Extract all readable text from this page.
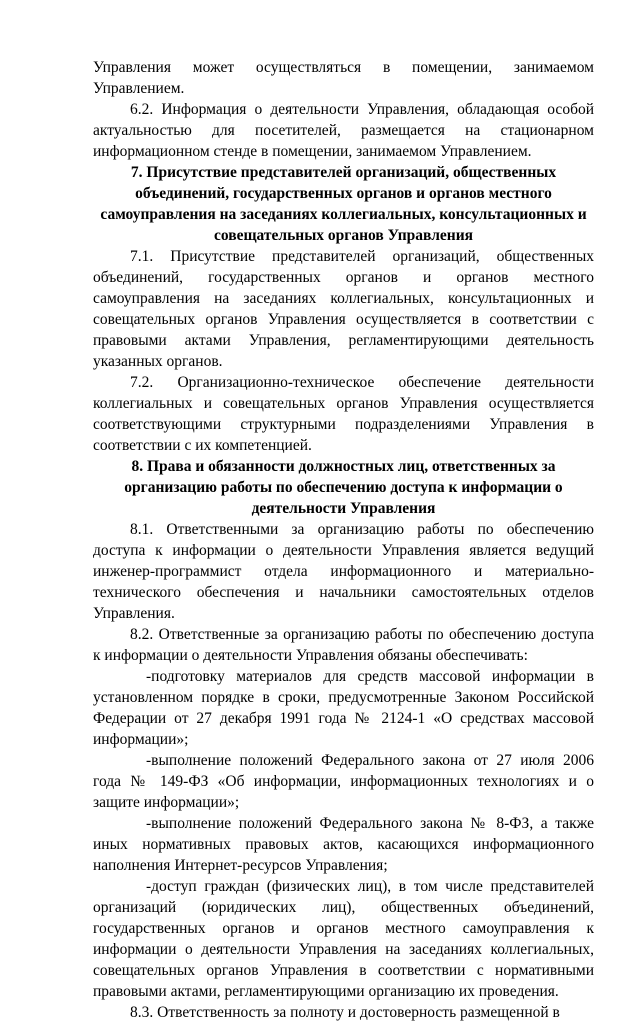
Управления может осуществляться в помещении, занимаемом Управлением.

6.2. Информация о деятельности Управления, обладающая особой актуальностью для посетителей, размещается на стационарном информационном стенде в помещении, занимаемом Управлением.

7. Присутствие представителей организаций, общественных объединений, государственных органов и органов местного самоуправления на заседаниях коллегиальных, консультационных и совещательных органов Управления

7.1. Присутствие представителей организаций, общественных объединений, государственных органов и органов местного самоуправления на заседаниях коллегиальных, консультационных и совещательных органов Управления осуществляется в соответствии с правовыми актами Управления, регламентирующими деятельность указанных органов.

7.2. Организационно-техническое обеспечение деятельности коллегиальных и совещательных органов Управления осуществляется соответствующими структурными подразделениями Управления в соответствии с их компетенцией.

8. Права и обязанности должностных лиц, ответственных за организацию работы по обеспечению доступа к информации о деятельности Управления

8.1. Ответственными за организацию работы по обеспечению доступа к информации о деятельности Управления является ведущий инженер-программист отдела информационного и материально-технического обеспечения и начальники самостоятельных отделов Управления.

8.2. Ответственные за организацию работы по обеспечению доступа к информации о деятельности Управления обязаны обеспечивать:

-подготовку материалов для средств массовой информации в установленном порядке в сроки, предусмотренные Законом Российской Федерации от 27 декабря 1991 года № 2124-1 «О средствах массовой информации»;

-выполнение положений Федерального закона от 27 июля 2006 года № 149-ФЗ «Об информации, информационных технологиях и о защите информации»;

-выполнение положений Федерального закона № 8-ФЗ, а также иных нормативных правовых актов, касающихся информационного наполнения Интернет-ресурсов Управления;

-доступ граждан (физических лиц), в том числе представителей организаций (юридических лиц), общественных объединений, государственных органов и органов местного самоуправления к информации о деятельности Управления на заседаниях коллегиальных, совещательных органов Управления в соответствии с нормативными правовыми актами, регламентирующими организацию их проведения.

8.3. Ответственность за полноту и достоверность размещенной в
